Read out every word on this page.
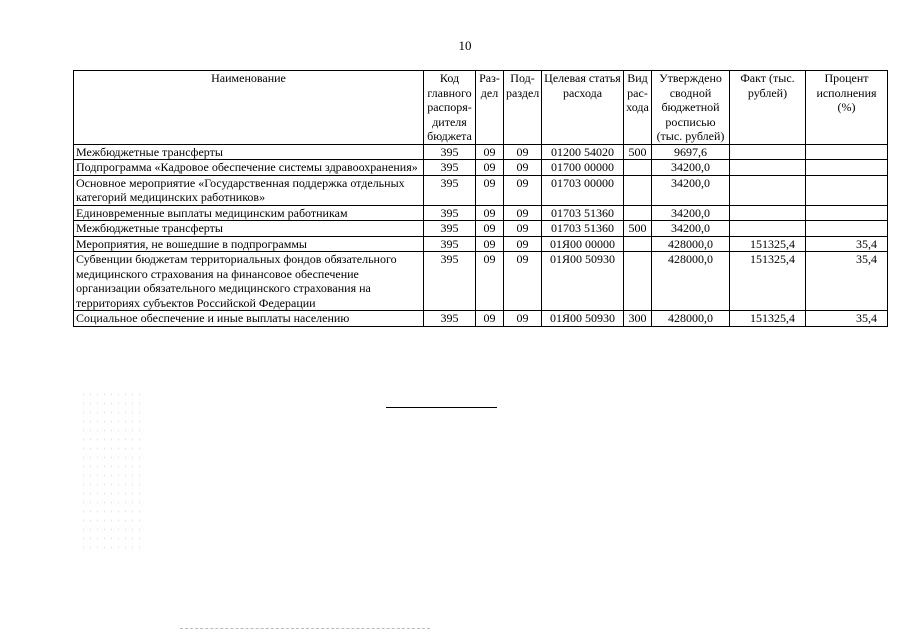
10
Наименование	Код главного распоря-дителя бюджета	Раз-дел	Под-раздел	Целевая статья расхода	Вид рас-хода	Утверждено сводной бюджетной росписью (тыс. рублей)	Факт (тыс. рублей)	Процент исполнения (%)
Межбюджетные трансферты	395	09	09	01200 54020	500	9697,6		
Подпрограмма «Кадровое обеспечение системы здравоохранения»	395	09	09	01700 00000		34200,0		
Основное мероприятие «Государственная поддержка отдельных категорий медицинских работников»	395	09	09	01703 00000		34200,0		
Единовременные выплаты медицинским работникам	395	09	09	01703 51360		34200,0		
Межбюджетные трансферты	395	09	09	01703 51360	500	34200,0		
Мероприятия, не вошедшие в подпрограммы	395	09	09	01Я00 00000		428000,0	151325,4	35,4
Субвенции бюджетам территориальных фондов обязательного медицинского страхования на финансовое обеспечение организации обязательного медицинского страхования на территориях субъектов Российской Федерации	395	09	09	01Я00 50930		428000,0	151325,4	35,4
Социальное обеспечение и иные выплаты населению	395	09	09	01Я00 50930	300	428000,0	151325,4	35,4
